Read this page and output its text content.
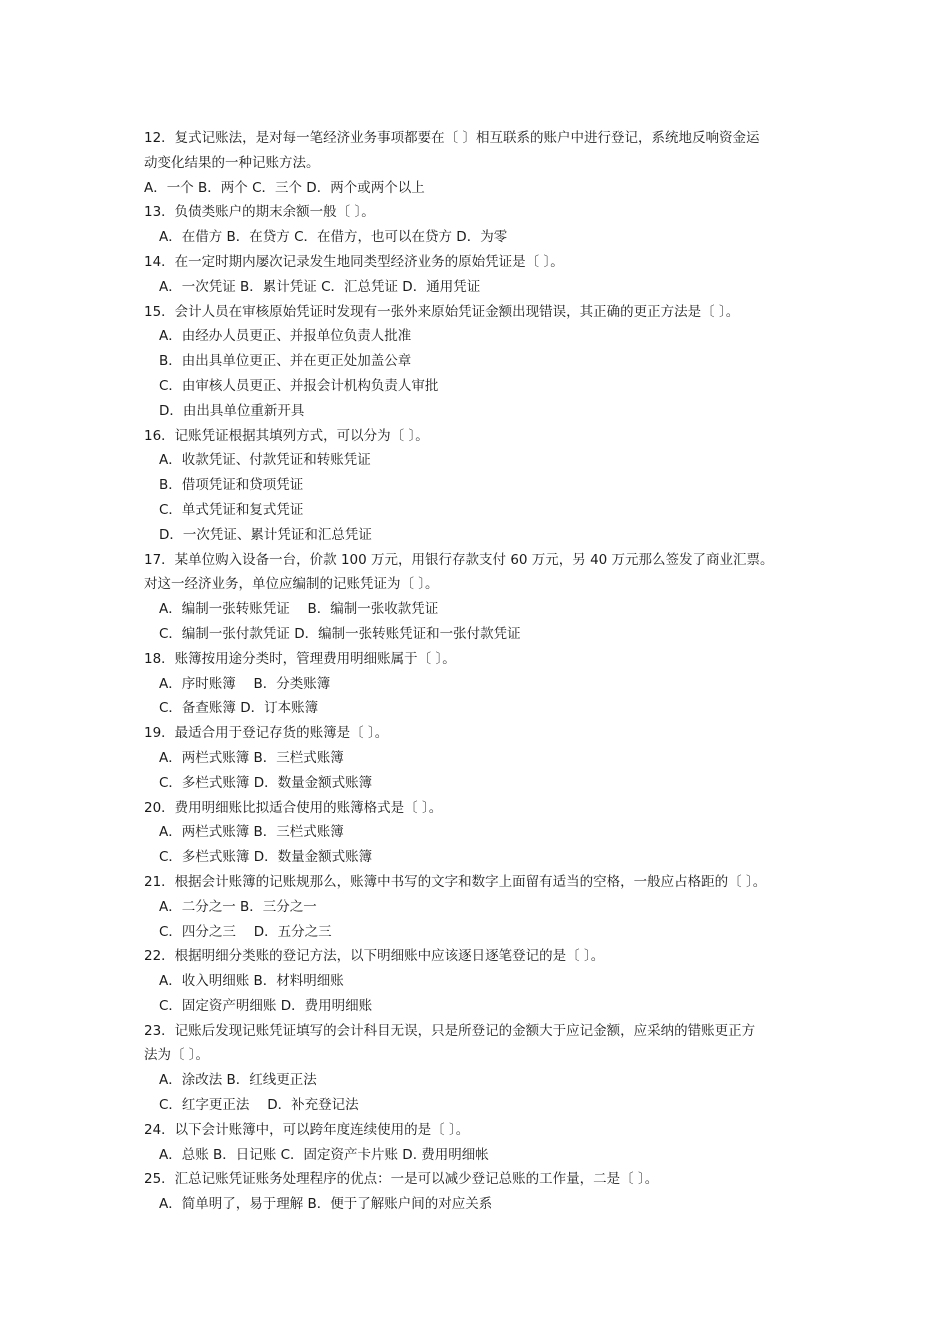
12．复式记账法，是对每一笔经济业务事项都要在〔 〕相互联系的账户中进行登记，系统地反响资金运
动变化结果的一种记账方法。
A．一个 B．两个 C．三个 D．两个或两个以上
13．负债类账户的期末余额一般〔 〕。
A．在借方 B．在贷方 C．在借方，也可以在贷方 D．为零
14．在一定时期内屡次记录发生地同类型经济业务的原始凭证是〔 〕。
A．一次凭证 B．累计凭证 C．汇总凭证 D．通用凭证
15．会计人员在审核原始凭证时发现有一张外来原始凭证金额出现错误，其正确的更正方法是〔 〕。
A．由经办人员更正、并报单位负责人批准
B．由出具单位更正、并在更正处加盖公章
C．由审核人员更正、并报会计机构负责人审批
D．由出具单位重新开具
16．记账凭证根据其填列方式，可以分为〔 〕。
A．收款凭证、付款凭证和转账凭证
B．借项凭证和贷项凭证
C．单式凭证和复式凭证
D．一次凭证、累计凭证和汇总凭证
17．某单位购入设备一台，价款 100 万元，用银行存款支付 60 万元，另 40 万元那么签发了商业汇票。
对这一经济业务，单位应编制的记账凭证为〔 〕。
A．编制一张转账凭证　 B．编制一张收款凭证
C．编制一张付款凭证 D．编制一张转账凭证和一张付款凭证
18．账簿按用途分类时，管理费用明细账属于〔 〕。
A．序时账簿　 B．分类账簿
C．备查账簿 D．订本账簿
19．最适合用于登记存货的账簿是〔 〕。
A．两栏式账簿 B．三栏式账簿
C．多栏式账簿 D．数量金额式账簿
20．费用明细账比拟适合使用的账簿格式是〔 〕。
A．两栏式账簿 B．三栏式账簿
C．多栏式账簿 D．数量金额式账簿
21．根据会计账簿的记账规那么，账簿中书写的文字和数字上面留有适当的空格，一般应占格距的〔 〕。
A．二分之一 B．三分之一
C．四分之三　 D．五分之三
22．根据明细分类账的登记方法，以下明细账中应该逐日逐笔登记的是〔 〕。
A．收入明细账 B．材料明细账
C．固定资产明细账 D．费用明细账
23．记账后发现记账凭证填写的会计科目无误，只是所登记的金额大于应记金额，应采纳的错账更正方
法为〔 〕。
A．涂改法 B．红线更正法
C．红字更正法　 D．补充登记法
24．以下会计账簿中，可以跨年度连续使用的是〔 〕。
A．总账 B．日记账 C．固定资产卡片账 D. 费用明细帐
25．汇总记账凭证账务处理程序的优点：一是可以减少登记总账的工作量，二是〔 〕。
A．简单明了，易于理解 B．便于了解账户间的对应关系
